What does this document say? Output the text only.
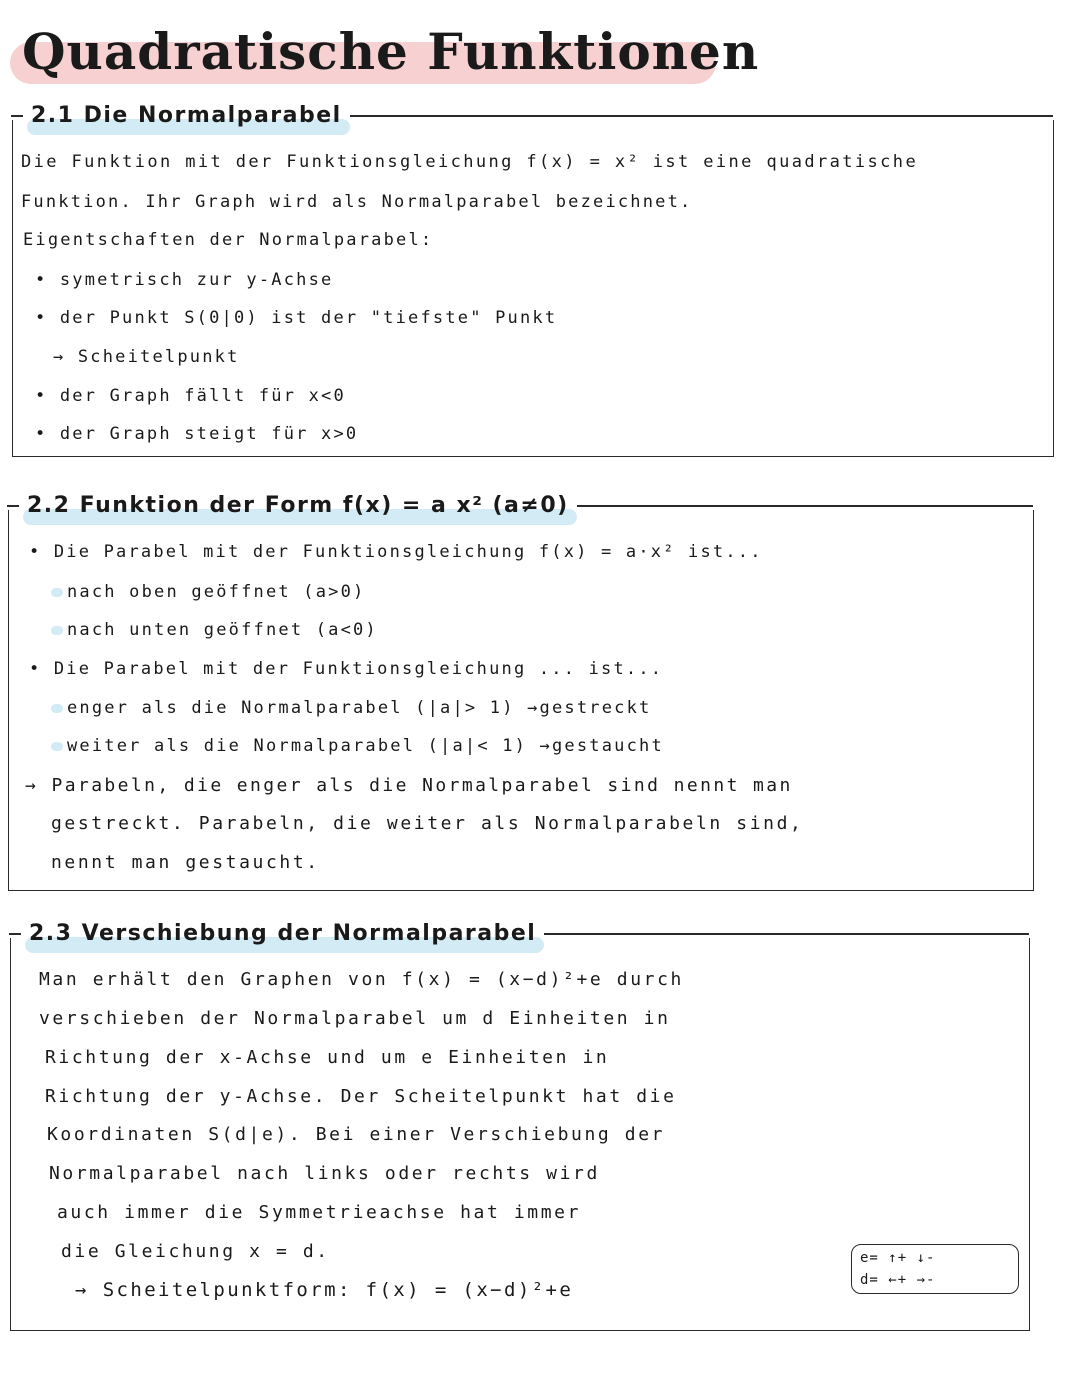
Quadratische Funktionen
2.1 Die Normalparabel
Die Funktion mit der Funktionsgleichung f(x) = x² ist eine quadratische
Funktion. Ihr Graph wird als Normalparabel bezeichnet.
Eigentschaften der Normalparabel:
• symetrisch zur y-Achse
• der Punkt S(0|0) ist der "tiefste" Punkt
→ Scheitelpunkt
• der Graph fällt für x<0
• der Graph steigt für x>0
2.2 Funktion der Form f(x) = a x² (a≠0)
• Die Parabel mit der Funktionsgleichung f(x) = a·x² ist...
nach oben geöffnet (a>0)
nach unten geöffnet (a<0)
• Die Parabel mit der Funktionsgleichung ... ist...
enger als die Normalparabel (|a|> 1) →gestreckt
weiter als die Normalparabel (|a|< 1) →gestaucht
→ Parabeln, die enger als die Normalparabel sind nennt man
gestreckt. Parabeln, die weiter als Normalparabeln sind,
nennt man gestaucht.
2.3 Verschiebung der Normalparabel
Man erhält den Graphen von f(x) = (x−d)²+e durch
verschieben der Normalparabel um d Einheiten in
Richtung der x-Achse und um e Einheiten in
Richtung der y-Achse. Der Scheitelpunkt hat die
Koordinaten S(d|e). Bei einer Verschiebung der
Normalparabel nach links oder rechts wird
auch immer die Symmetrieachse hat immer
die Gleichung x = d.
→ Scheitelpunktform: f(x) = (x−d)²+e
e= ↑+ ↓-
d= ←+ →-
